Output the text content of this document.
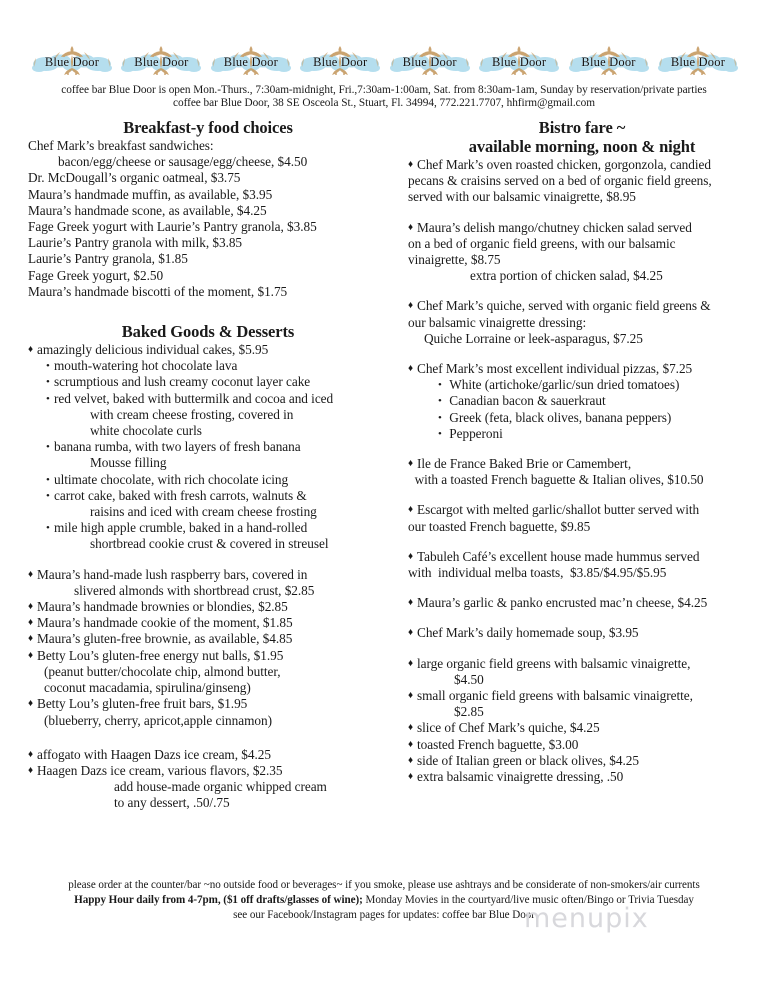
Blue Door	Blue Door	Blue Door	Blue Door	Blue Door	Blue Door	Blue Door	Blue Door
coffee bar Blue Door is open Mon.-Thurs., 7:30am-midnight, Fri.,7:30am-1:00am, Sat. from 8:30am-1am, Sunday by reservation/private parties
coffee bar Blue Door, 38 SE Osceola St., Stuart, Fl. 34994, 772.221.7707, hhfirm@gmail.com
Breakfast-y food choices
Chef Mark’s breakfast sandwiches:
bacon/egg/cheese or sausage/egg/cheese, $4.50
Dr. McDougall’s organic oatmeal, $3.75
Maura’s handmade muffin, as available, $3.95
Maura’s handmade scone, as available, $4.25
Fage Greek yogurt with Laurie’s Pantry granola, $3.85
Laurie’s Pantry granola with milk, $3.85
Laurie’s Pantry granola, $1.85
Fage Greek yogurt, $2.50
Maura’s handmade biscotti of the moment, $1.75
Baked Goods & Desserts
♦ amazingly delicious individual cakes, $5.95
• mouth-watering hot chocolate lava
• scrumptious and lush creamy coconut layer cake
• red velvet, baked with buttermilk and cocoa and iced
with cream cheese frosting, covered in
white chocolate curls
• banana rumba, with two layers of fresh banana
Mousse filling
• ultimate chocolate, with rich chocolate icing
• carrot cake, baked with fresh carrots, walnuts &
raisins and iced with cream cheese frosting
• mile high apple crumble, baked in a hand-rolled
shortbread cookie crust & covered in streusel
♦ Maura’s hand-made lush raspberry bars, covered in
slivered almonds with shortbread crust, $2.85
♦ Maura’s handmade brownies or blondies, $2.85
♦ Maura’s handmade cookie of the moment, $1.85
♦ Maura’s gluten-free brownie, as available, $4.85
♦ Betty Lou’s gluten-free energy nut balls, $1.95
(peanut butter/chocolate chip, almond butter,
coconut macadamia, spirulina/ginseng)
♦ Betty Lou’s gluten-free fruit bars, $1.95
(blueberry, cherry, apricot,apple cinnamon)
♦ affogato with Haagen Dazs ice cream, $4.25
♦ Haagen Dazs ice cream, various flavors, $2.35
add house-made organic whipped cream
to any dessert, .50/.75
Bistro fare ~
available morning, noon & night
♦ Chef Mark’s oven roasted chicken, gorgonzola, candied
pecans & craisins served on a bed of organic field greens,
served with our balsamic vinaigrette, $8.95
♦ Maura’s delish mango/chutney chicken salad served
on a bed of organic field greens, with our balsamic
vinaigrette, $8.75
extra portion of chicken salad, $4.25
♦ Chef Mark’s quiche, served with organic field greens &
our balsamic vinaigrette dressing:
Quiche Lorraine or leek-asparagus, $7.25
♦ Chef Mark’s most excellent individual pizzas, $7.25
• White (artichoke/garlic/sun dried tomatoes)
• Canadian bacon & sauerkraut
• Greek (feta, black olives, banana peppers)
• Pepperoni
♦ Ile de France Baked Brie or Camembert,
with a toasted French baguette & Italian olives, $10.50
♦ Escargot with melted garlic/shallot butter served with
our toasted French baguette, $9.85
♦ Tabuleh Café’s excellent house made hummus served
with  individual melba toasts,  $3.85/$4.95/$5.95
♦ Maura’s garlic & panko encrusted mac’n cheese, $4.25
♦ Chef Mark’s daily homemade soup, $3.95
♦ large organic field greens with balsamic vinaigrette,
$4.50
♦ small organic field greens with balsamic vinaigrette,
$2.85
♦ slice of Chef Mark’s quiche, $4.25
♦ toasted French baguette, $3.00
♦ side of Italian green or black olives, $4.25
♦ extra balsamic vinaigrette dressing, .50
please order at the counter/bar ~no outside food or beverages~ if you smoke, please use ashtrays and be considerate of non-smokers/air currents
Happy Hour daily from 4-7pm, ($1 off drafts/glasses of wine); Monday Movies in the courtyard/live music often/Bingo or Trivia Tuesday
see our Facebook/Instagram pages for updates: coffee bar Blue Door
menupix
